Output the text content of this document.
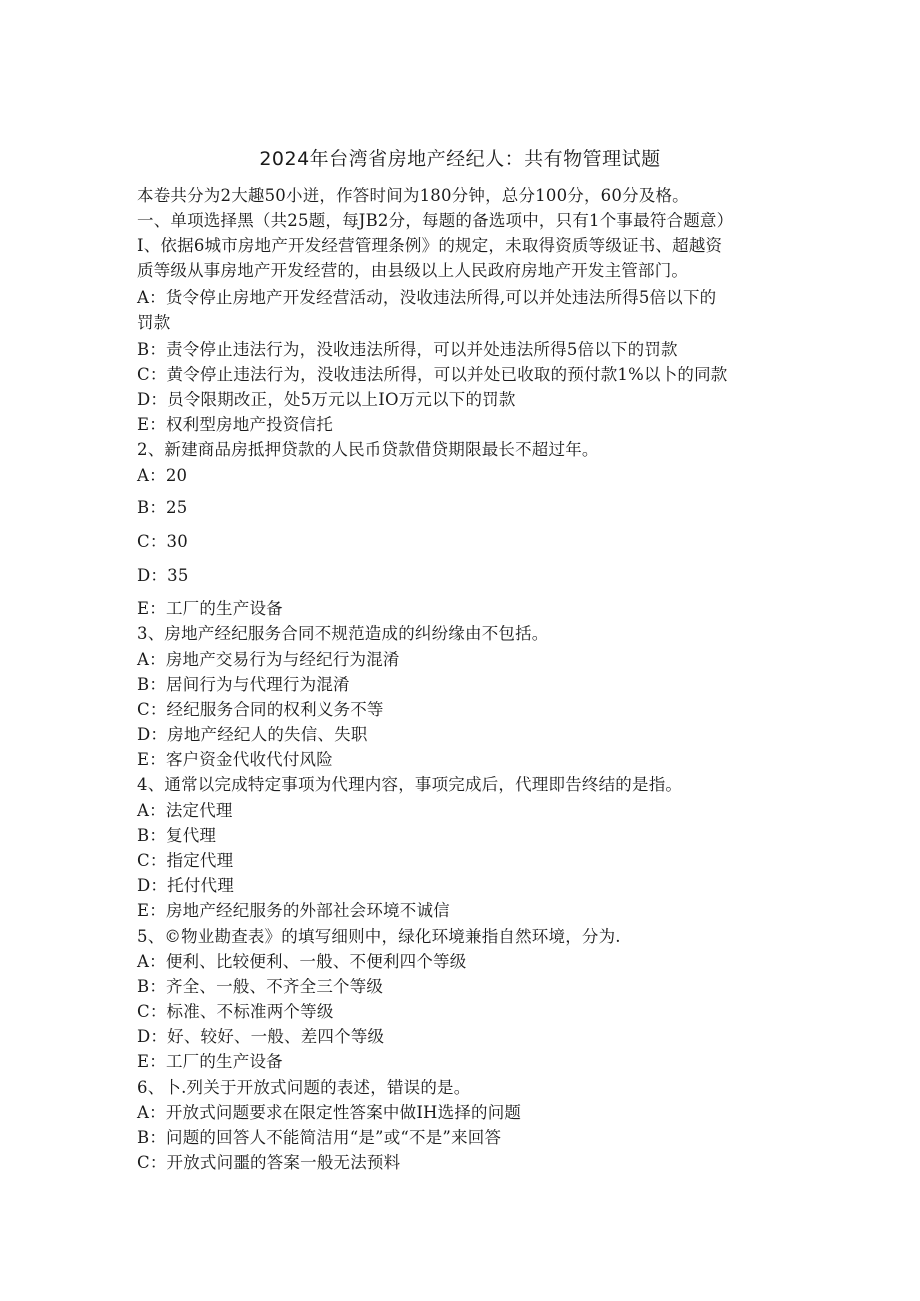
2024年台湾省房地产经纪人：共有物管理试题
本卷共分为2大趣50小迸，作答时间为180分钟，总分100分，60分及格。
一、单项选择黑（共25题，每JB2分，每题的备选项中，只有1个事最符合题意）
I、依据6城市房地产开发经营管理条例》的规定，未取得资质等级证书、超越资
质等级从事房地产开发经营的，由县级以上人民政府房地产开发主管部门。
A：货令停止房地产开发经营活动，没收违法所得,可以并处违法所得5倍以下的
罚款
B：责令停止违法行为，没收违法所得，可以并处违法所得5倍以下的罚款
C：黄令停止违法行为，没收违法所得，可以并处已收取的预付款1%以卜的同款
D：员令限期改正，处5万元以上IO万元以下的罚款
E：权利型房地产投资信托
2、新建商品房抵押贷款的人民币贷款借贷期限最长不超过年。
A：20
B：25
C：30
D：35
E：工厂的生产设备
3、房地产经纪服务合同不规范造成的纠纷缘由不包括。
A：房地产交易行为与经纪行为混淆
B：居间行为与代理行为混淆
C：经纪服务合同的权利义务不等
D：房地产经纪人的失信、失职
E：客户资金代收代付风险
4、通常以完成特定事项为代理内容，事项完成后，代理即告终结的是指。
A：法定代理
B：复代理
C：指定代理
D：托付代理
E：房地产经纪服务的外部社会环境不诚信
5、©物业勘查表》的填写细则中，绿化环境兼指自然环境，分为.
A：便利、比较便利、一般、不便利四个等级
B：齐全、一般、不齐全三个等级
C：标准、不标准两个等级
D：好、较好、一般、差四个等级
E：工厂的生产设备
6、卜.列关于开放式问题的表述，错误的是。
A：开放式问题要求在限定性答案中做IH选择的问题
B：问题的回答人不能简洁用“是”或“不是”来回答
C：开放式问噩的答案一般无法预料
